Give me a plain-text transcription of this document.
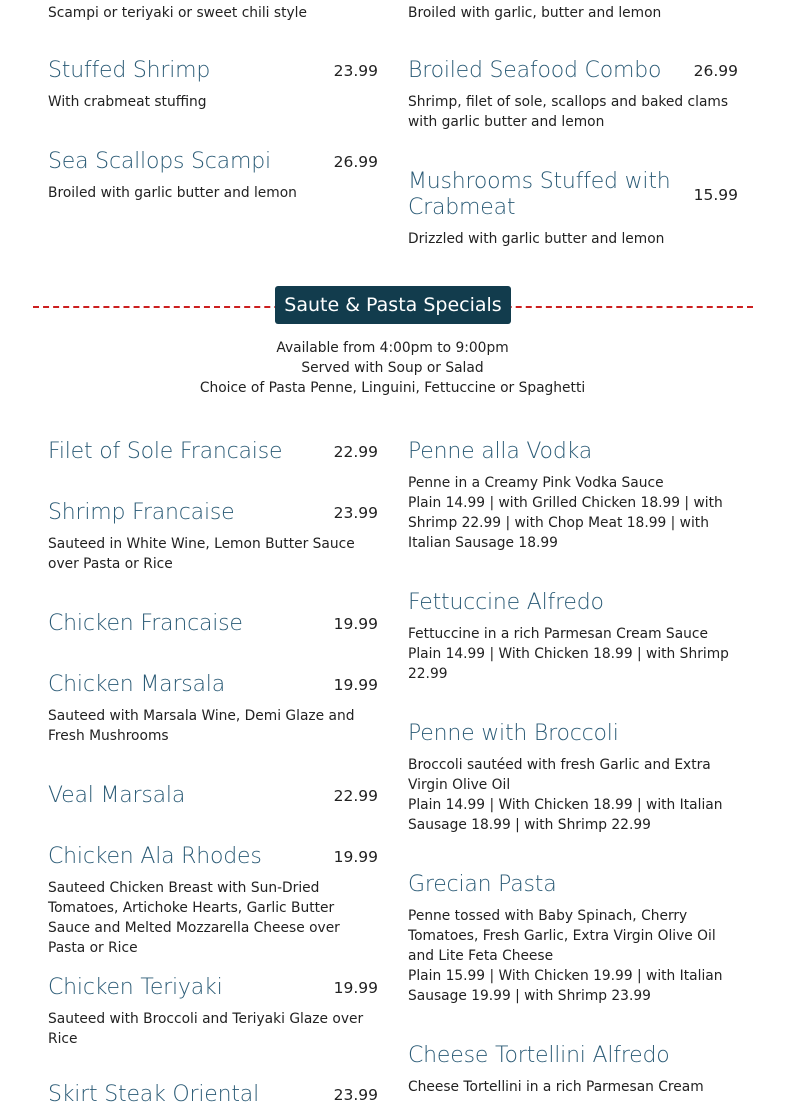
Scampi or teriyaki or sweet chili style	Broiled with garlic, butter and lemon

Stuffed Shrimp	23.99

With crabmeat stuffing

Broiled Seafood Combo 26.99

Shrimp, filet of sole, scallops and baked clams with garlic butter and lemon

Sea Scallops Scampi	26.99

Broiled with garlic butter and lemon	Mushrooms Stuffed with Crabmeat	15.99

Drizzled with garlic butter and lemon

Saute & Pasta Specials
Available from 4:00pm to 9:00pm
Served with Soup or Salad
Choice of Pasta Penne, Linguini, Fettuccine or Spaghetti
Filet of Sole Francaise	22.99
Shrimp Francaise	23.99

Sauteed in White Wine, Lemon Butter Sauce over Pasta or Rice

Chicken Francaise	19.99
Chicken Marsala	19.99

Sauteed with Marsala Wine, Demi Glaze and Fresh Mushrooms

Veal Marsala	22.99
Chicken Ala Rhodes	19.99

Sauteed Chicken Breast with Sun-Dried Tomatoes, Artichoke Hearts, Garlic Butter Sauce and Melted Mozzarella Cheese over Pasta or Rice

Chicken Teriyaki	19.99

Sauteed with Broccoli and Teriyaki Glaze over Rice

Skirt Steak Oriental	23.99
Penne alla Vodka

Penne in a Creamy Pink Vodka Sauce

Plain 14.99 | with Grilled Chicken 18.99 | with Shrimp 22.99 | with Chop Meat 18.99 | with Italian Sausage 18.99

Fettuccine Alfredo

Fettuccine in a rich Parmesan Cream Sauce

Plain 14.99 | With Chicken 18.99 | with Shrimp 22.99

Penne with Broccoli

Broccoli sautéed with fresh Garlic and Extra Virgin Olive Oil

Plain 14.99 | With Chicken 18.99 | with Italian Sausage 18.99 | with Shrimp 22.99

Grecian Pasta

Penne tossed with Baby Spinach, Cherry Tomatoes, Fresh Garlic, Extra Virgin Olive Oil and Lite Feta Cheese

Plain 15.99 | With Chicken 19.99 | with Italian Sausage 19.99 | with Shrimp 23.99

Cheese Tortellini Alfredo

Cheese Tortellini in a rich Parmesan Cream
